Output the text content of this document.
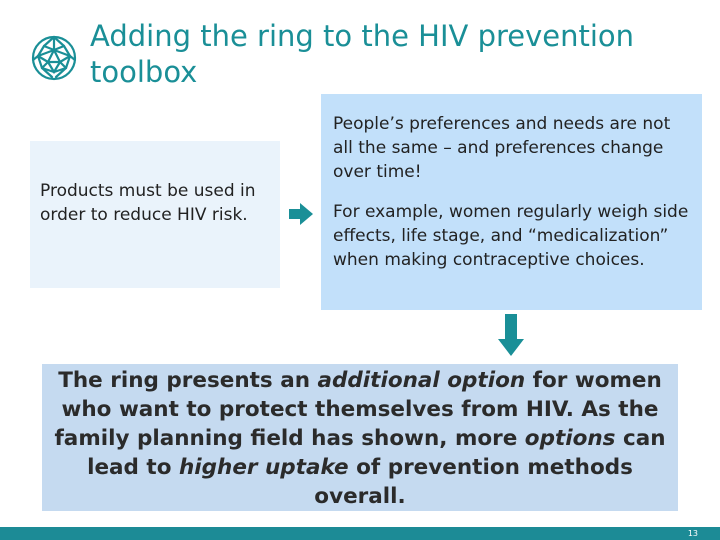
Adding the ring to the HIV prevention toolbox
Products must be used in order to reduce HIV risk.

People’s preferences and needs are not all the same – and preferences change over time!

For example, women regularly weigh side effects, life stage, and “medicalization” when making contraceptive choices.

The ring presents an additional option for women who want to protect themselves from HIV. As the family planning field has shown, more options can lead to higher uptake of prevention methods overall.
13
